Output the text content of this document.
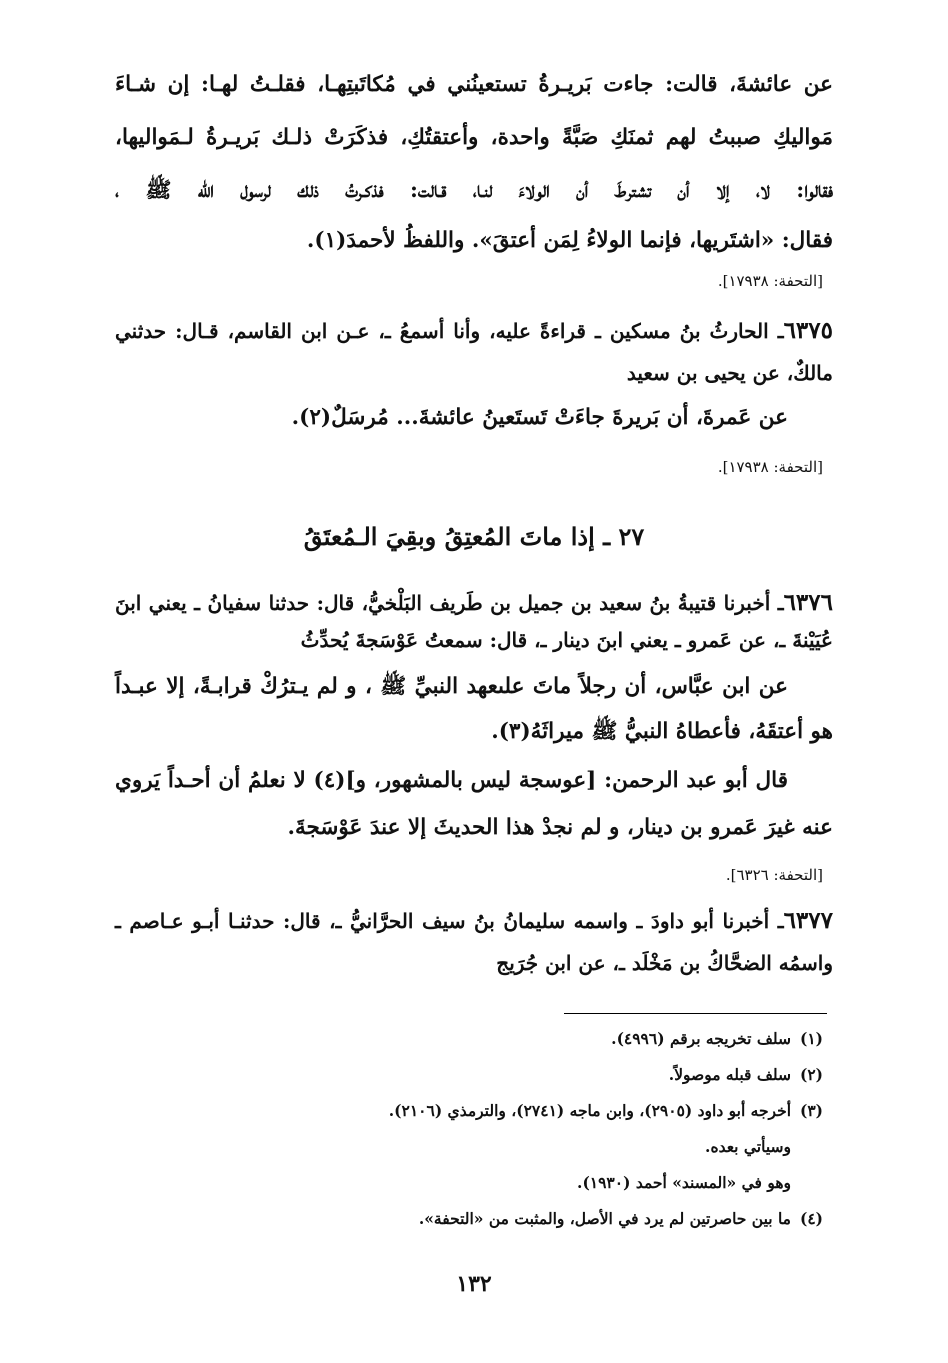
عن عائشةَ، قالت: جاءت بَريـرةُ تستعينُني في مُكاتَبتِهـا، فقلـتُ لهـا: إن شـاءَ
مَواليكِ صببتُ لهم ثمنَكِ صَبَّةً واحدة، وأعتقتُكِ، فذكَرَتْ ذلـك بَريـرةُ لـمَواليها،
فقالوا: لا، إلا أن تشترطَ أن الولاءَ لنـا، قـالت: فذكـرتُ ذلك لرسول الله ﷺ ،
فقال: «اشتَريها، فإنما الولاءُ لِمَن أعتقَ». واللفظُ لأحمدَ(١).
[التحفة: ١٧٩٣٨].
٦٣٧٥ـ الحارثُ بنُ مسكين ـ قراءةً عليه، وأنا أسمعُ ـ، عـن ابن القاسم، قـال: حدثني
مالكٌ، عن يحيى بن سعيد
عن عَمرةَ، أن بَريرةَ جاءَتْ تَستَعينُ عائشةَ... مُرسَلٌ(٢).
[التحفة: ١٧٩٣٨].
٢٧ ـ إذا ماتَ المُعتِقُ وبقِيَ الـمُعتَقُ
٦٣٧٦ـ أخبرنا قتيبةُ بنُ سعيد بن جميل بن طَريف البَلْخيُّ، قال: حدثنا سفيانُ ـ يعني ابنَ
عُيَيْنةَ ـ، عن عَمرو ـ يعني ابنَ دينار ـ، قال: سمعتُ عَوْسَجةَ يُحدِّثُ
عن ابن عبَّاس، أن رجلاً ماتَ علىعهد النبيِّ ﷺ ، و لم يـترُكْ قرابـةً، إلا عبـداً
هو أعتقَهُ، فأعطاهُ النبيُّ ﷺ ميراثَهُ(٣).
قال أبو عبد الرحمن: [عوسجة ليس بالمشهور، و](٤) لا نعلمُ أن أحـداً يَروي
عنه غيرَ عَمرو بن دينار، و لم نجدْ هذا الحديثَ إلا عندَ عَوْسَجةَ.
[التحفة: ٦٣٢٦].
٦٣٧٧ـ أخبرنا أبو داودَ ـ واسمه سليمانُ بنُ سيف الحرَّانيُّ ـ، قال: حدثنـا أبـو عـاصم ـ
واسمُه الضحَّاكُ بن مَخْلَد ـ، عن ابن جُرَيج
(١)سلف تخريجه برقم (٤٩٩٦).
(٢)سلف قبله موصولاً.
(٣)أخرجه أبو داود (٢٩٠٥)، وابن ماجه (٢٧٤١)، والترمذي (٢١٠٦).
وسيأتي بعده.
وهو في «المسند» أحمد (١٩٣٠).
(٤)ما بين حاصرتين لم يرد في الأصل، والمثبت من «التحفة».
١٣٢
